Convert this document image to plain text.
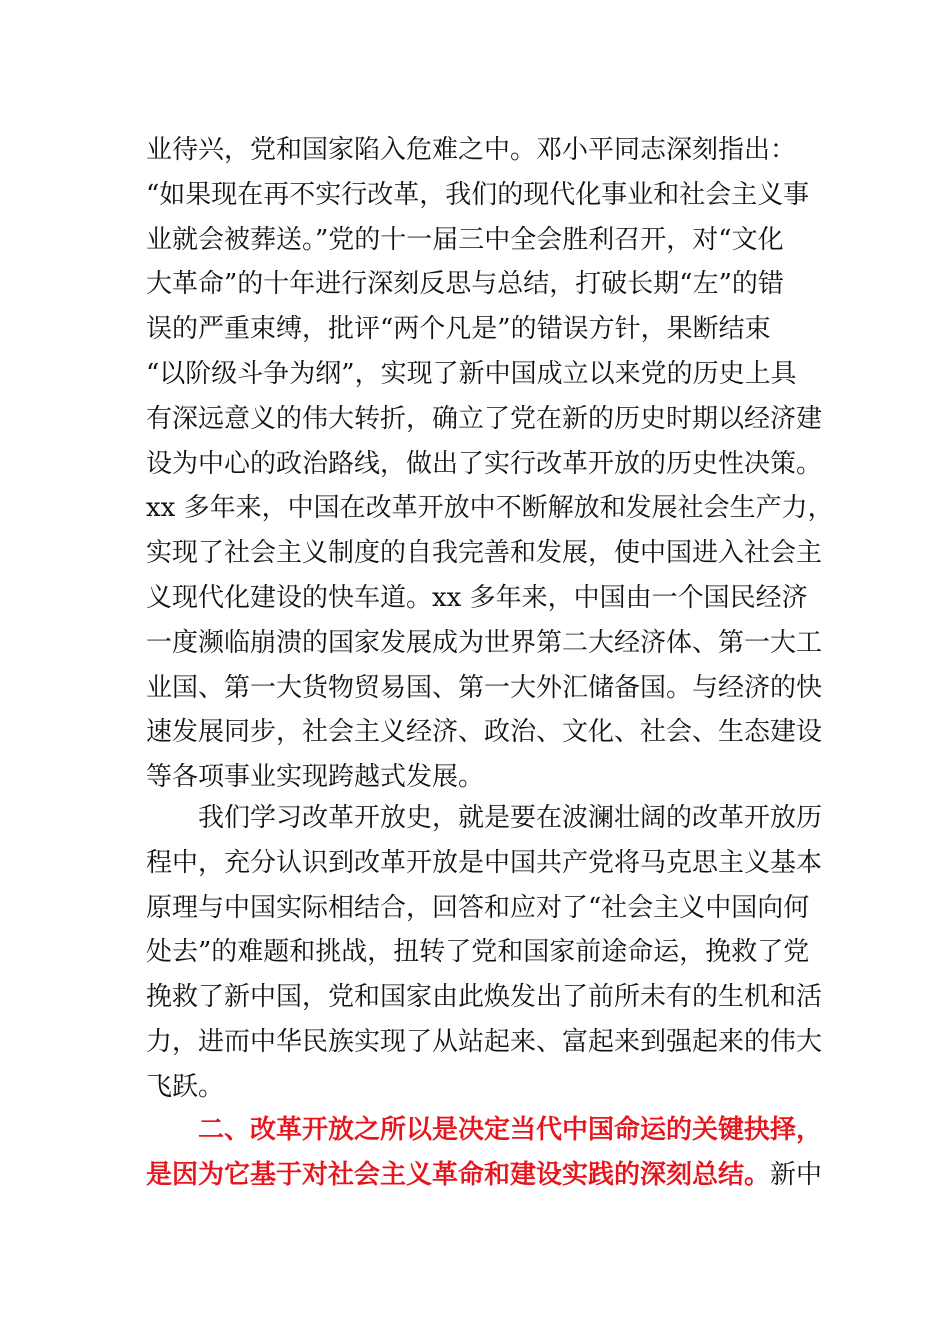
业待兴，党和国家陷入危难之中。邓小平同志深刻指出：
“如果现在再不实行改革，我们的现代化事业和社会主义事
业就会被葬送。”党的十一届三中全会胜利召开，对“文化
大革命”的十年进行深刻反思与总结，打破长期“左”的错
误的严重束缚，批评“两个凡是”的错误方针，果断结束
“以阶级斗争为纲”，实现了新中国成立以来党的历史上具
有深远意义的伟大转折，确立了党在新的历史时期以经济建
设为中心的政治路线，做出了实行改革开放的历史性决策。
xx 多年来，中国在改革开放中不断解放和发展社会生产力，
实现了社会主义制度的自我完善和发展，使中国进入社会主
义现代化建设的快车道。xx 多年来，中国由一个国民经济
一度濒临崩溃的国家发展成为世界第二大经济体、第一大工
业国、第一大货物贸易国、第一大外汇储备国。与经济的快
速发展同步，社会主义经济、政治、文化、社会、生态建设
等各项事业实现跨越式发展。
我们学习改革开放史，就是要在波澜壮阔的改革开放历
程中，充分认识到改革开放是中国共产党将马克思主义基本
原理与中国实际相结合，回答和应对了“社会主义中国向何
处去”的难题和挑战，扭转了党和国家前途命运，挽救了党
挽救了新中国，党和国家由此焕发出了前所未有的生机和活
力，进而中华民族实现了从站起来、富起来到强起来的伟大
飞跃。
二、改革开放之所以是决定当代中国命运的关键抉择，
是因为它基于对社会主义革命和建设实践的深刻总结。新中
